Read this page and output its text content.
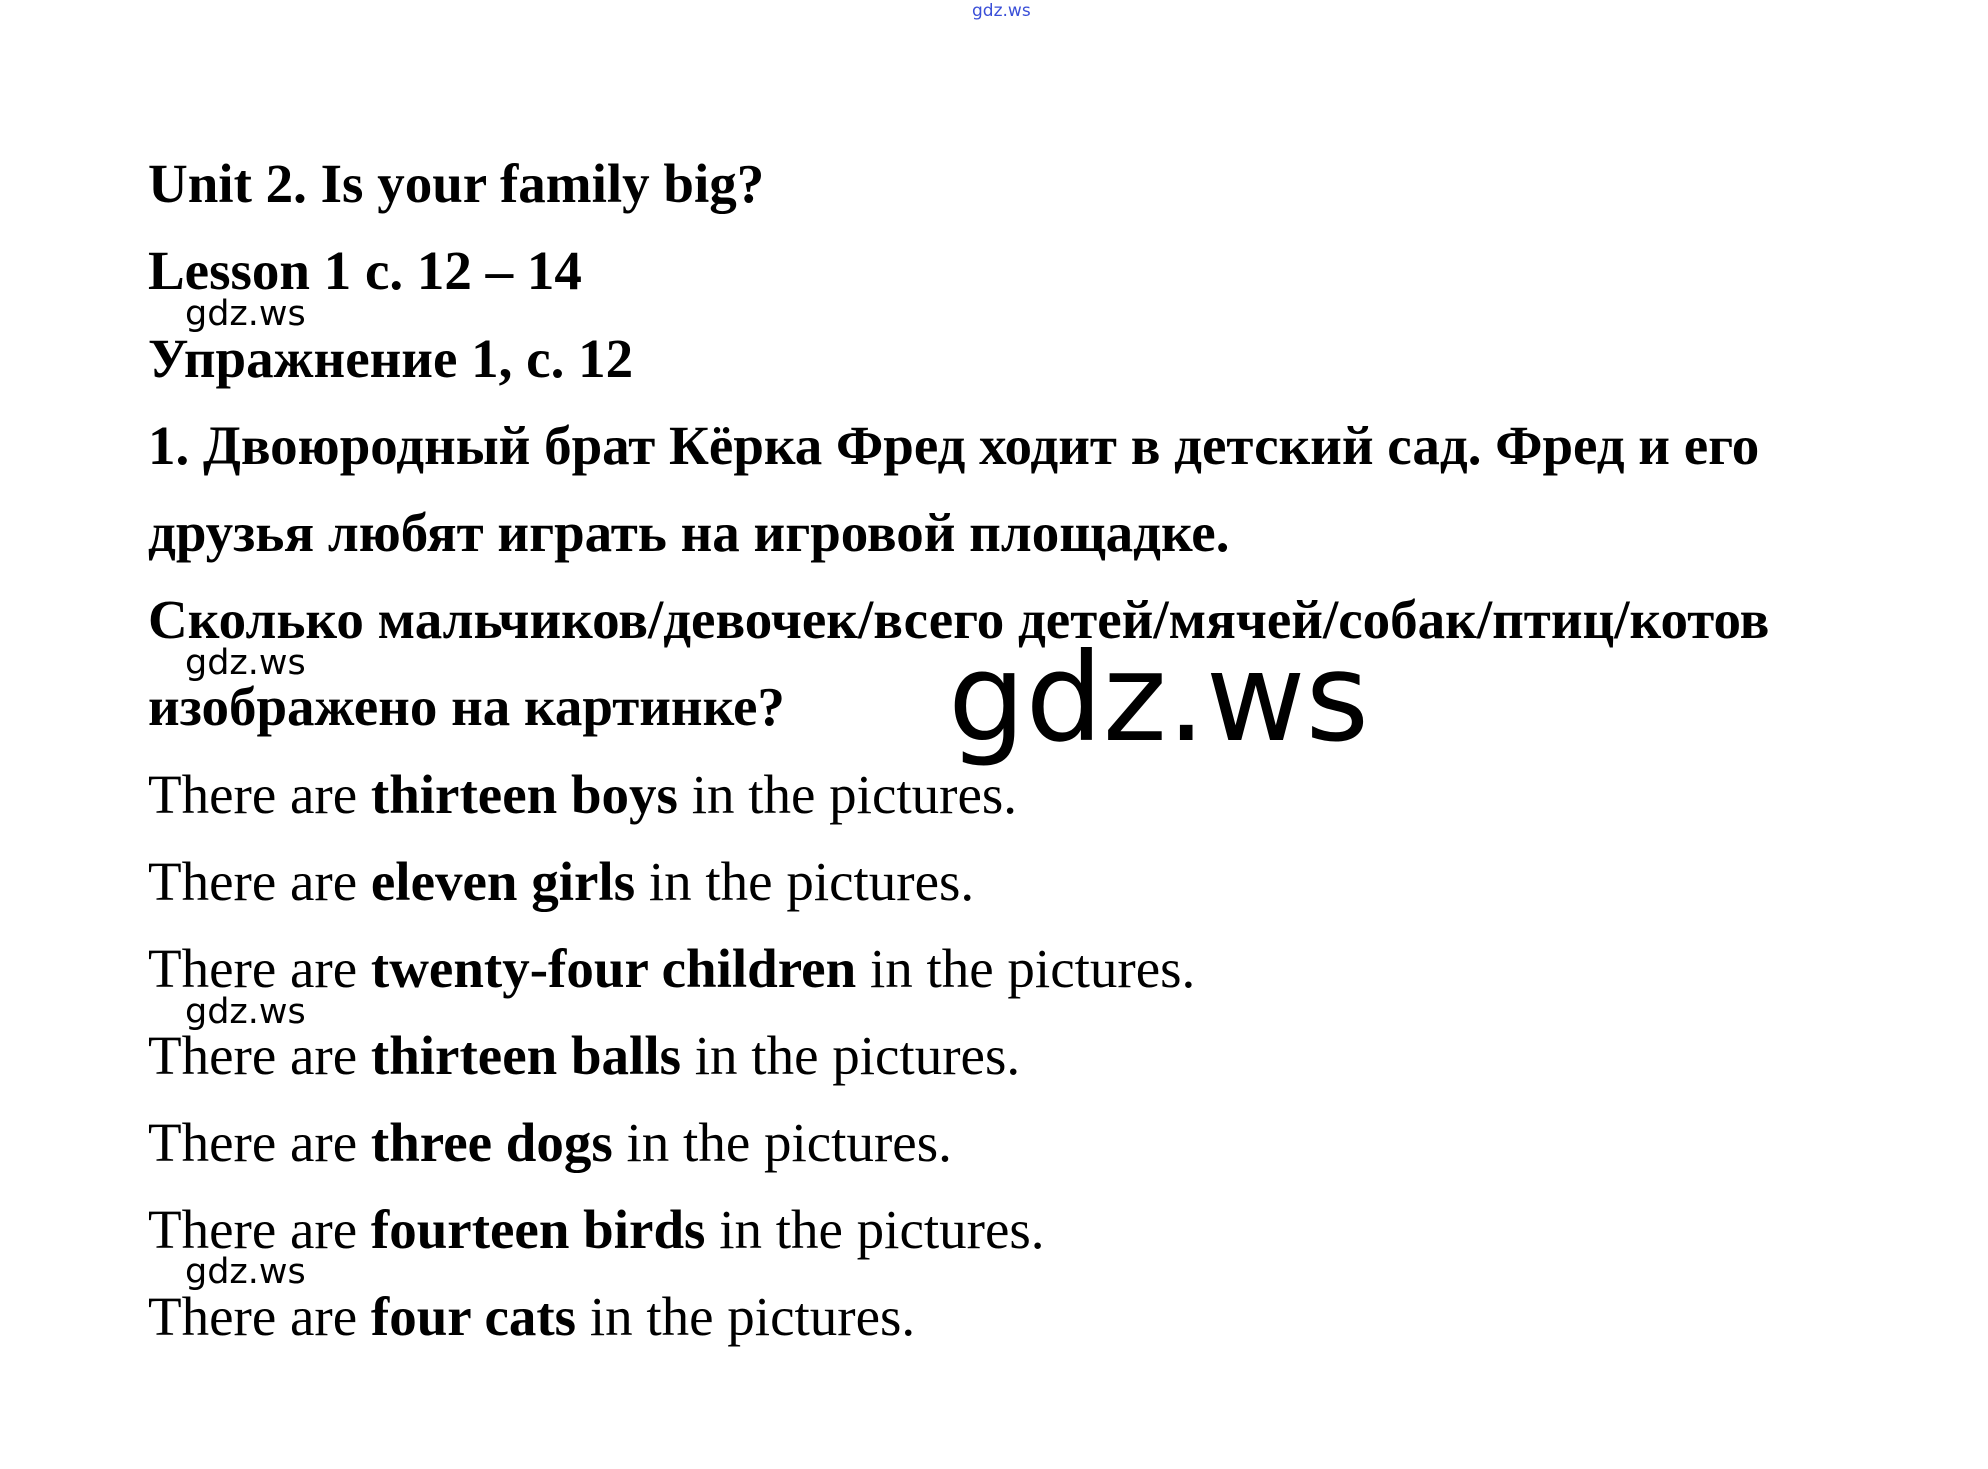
gdz.ws

Unit 2. Is your family big?

Lesson 1 с. 12 – 14

gdz.ws

Упражнение 1, с. 12

1. Двоюродный брат Кёрка Фред ходит в детский сад. Фред и его

друзья любят играть на игровой площадке.

Сколько мальчиков/девочек/всего детей/мячей/собак/птиц/котов

gdz.ws

изображено на картинке? gdz.ws

There are thirteen boys in the pictures.

There are eleven girls in the pictures.

There are twenty-four children in the pictures.

gdz.ws

There are thirteen balls in the pictures.

There are three dogs in the pictures.

There are fourteen birds in the pictures.

gdz.ws

There are four cats in the pictures.
